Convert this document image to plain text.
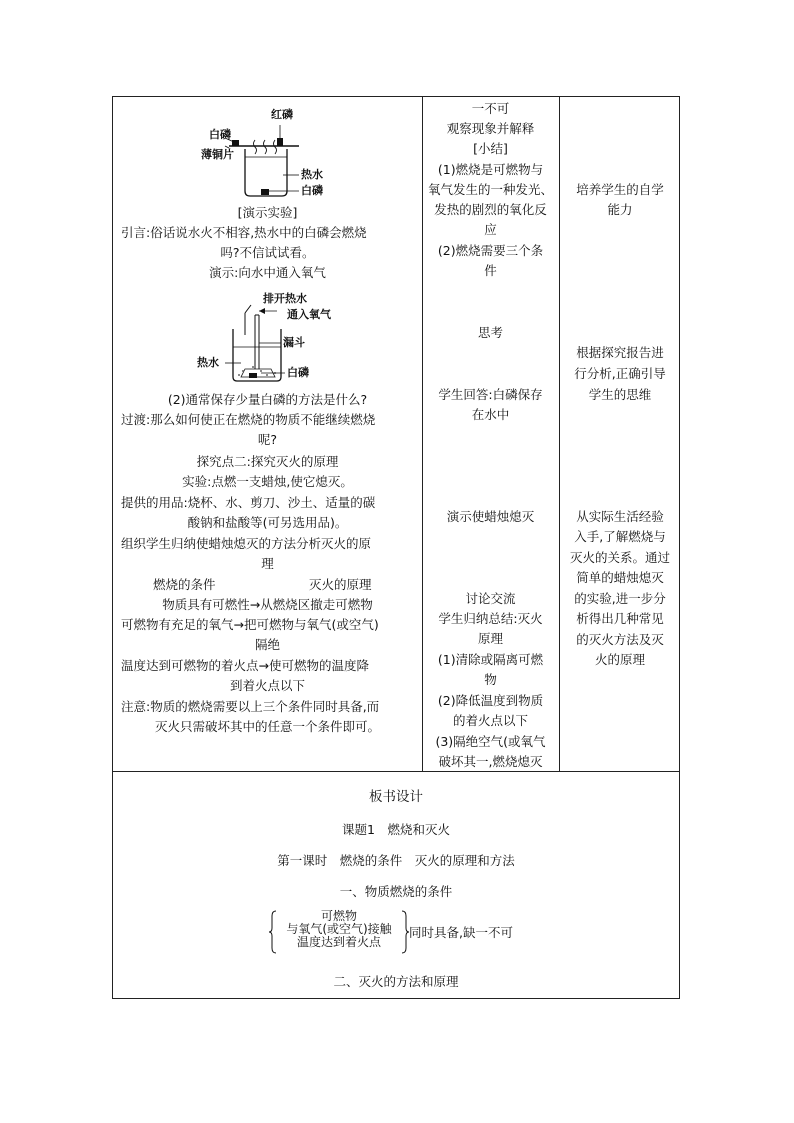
红磷
白磷
薄铜片
热水
白磷
[演示实验]
引言:俗话说水火不相容,热水中的白磷会燃烧
吗?不信试试看。
演示:向水中通入氧气
排开热水
通入氧气
漏斗
热水
白磷
(2)通常保存少量白磷的方法是什么?
过渡:那么如何使正在燃烧的物质不能继续燃烧
呢?
探究点二:探究灭火的原理
实验:点燃一支蜡烛,使它熄灭。
提供的用品:烧杯、水、剪刀、沙土、适量的碳
酸钠和盐酸等(可另选用品)。
组织学生归纳使蜡烛熄灭的方法分析灭火的原
理
燃烧的条件	灭火的原理
物质具有可燃性→从燃烧区撤走可燃物
可燃物有充足的氧气→把可燃物与氧气(或空气)
隔绝
温度达到可燃物的着火点→使可燃物的温度降
到着火点以下
注意:物质的燃烧需要以上三个条件同时具备,而
灭火只需破坏其中的任意一个条件即可。
一不可
观察现象并解释
[小结]
(1)燃烧是可燃物与
氧气发生的一种发光、
发热的剧烈的氧化反
应
(2)燃烧需要三个条
件
思考
学生回答:白磷保存
在水中
演示使蜡烛熄灭
讨论交流
学生归纳总结:灭火
原理
(1)清除或隔离可燃
物
(2)降低温度到物质
的着火点以下
(3)隔绝空气(或氧气
破坏其一,燃烧熄灭
培养学生的自学
能力
根据探究报告进
行分析,正确引导
学生的思维
从实际生活经验
入手,了解燃烧与
灭火的关系。通过
简单的蜡烛熄灭
的实验,进一步分
析得出几种常见
的灭火方法及灭
火的原理
板书设计
课题1　燃烧和灭火
第一课时　燃烧的条件　灭火的原理和方法
一、物质燃烧的条件
可燃物
与氧气(或空气)接触
温度达到着火点
同时具备,缺一不可
二、灭火的方法和原理
